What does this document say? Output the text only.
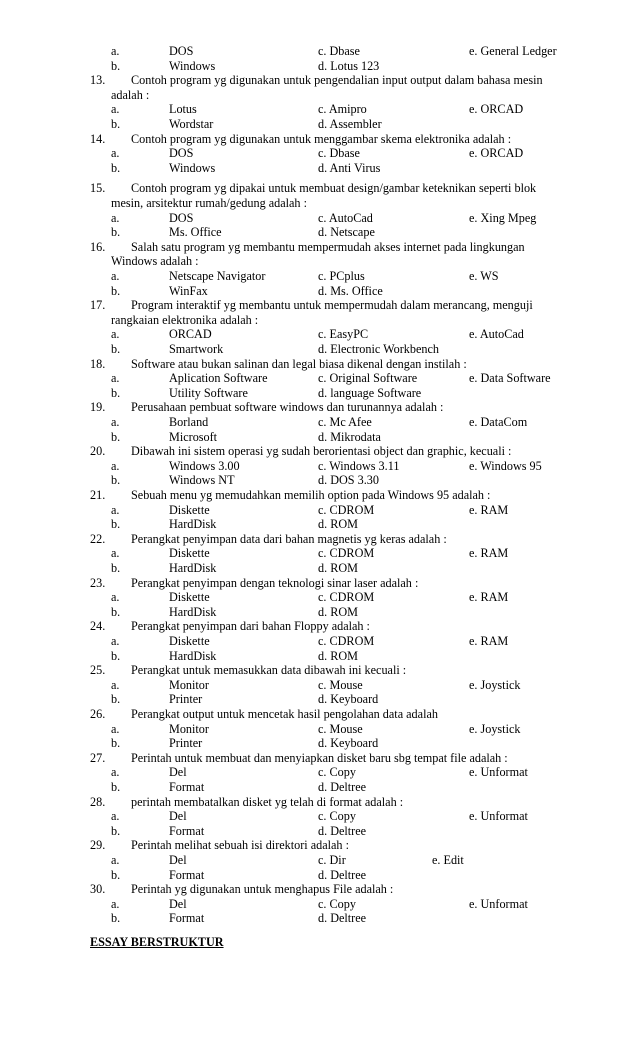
a.	DOS	c. Dbase	e. General Ledger
b.	Windows	d. Lotus 123
13. Contoh program yg digunakan untuk pengendalian input output dalam bahasa mesin
adalah :
a.	Lotus	c. Amipro	e. ORCAD
b.	Wordstar	d. Assembler
14. Contoh program yg digunakan untuk menggambar skema elektronika adalah :
a.	DOS	c. Dbase	e. ORCAD
b.	Windows	d. Anti Virus
15. Contoh program yg dipakai untuk membuat design/gambar keteknikan seperti blok
mesin, arsitektur rumah/gedung adalah :
a.	DOS	c. AutoCad	e. Xing Mpeg
b.	Ms. Office	d. Netscape
16. Salah satu program yg membantu mempermudah akses internet pada lingkungan
Windows adalah :
a.	Netscape Navigator	c. PCplus	e. WS
b.	WinFax	d. Ms. Office
17. Program interaktif yg membantu untuk mempermudah dalam merancang, menguji
rangkaian elektronika adalah :
a.	ORCAD	c. EasyPC	e. AutoCad
b.	Smartwork	d. Electronic Workbench
18. Software atau bukan salinan dan legal biasa dikenal dengan instilah :
a.	Aplication Software	c. Original Software	e. Data Software
b.	Utility Software	d. language Software
19. Perusahaan pembuat software windows dan turunannya adalah :
a.	Borland	c. Mc Afee	e. DataCom
b.	Microsoft	d. Mikrodata
20. Dibawah ini sistem operasi yg sudah berorientasi object dan graphic, kecuali :
a.	Windows 3.00	c. Windows 3.11	e. Windows 95
b.	Windows NT	d. DOS 3.30
21. Sebuah menu yg memudahkan memilih option pada Windows 95 adalah :
a.	Diskette	c. CDROM	e. RAM
b.	HardDisk	d. ROM
22. Perangkat penyimpan data dari bahan magnetis yg keras adalah :
a.	Diskette	c. CDROM	e. RAM
b.	HardDisk	d. ROM
23. Perangkat penyimpan dengan teknologi sinar laser adalah :
a.	Diskette	c. CDROM	e. RAM
b.	HardDisk	d. ROM
24. Perangkat penyimpan dari bahan Floppy adalah :
a.	Diskette	c. CDROM	e. RAM
b.	HardDisk	d. ROM
25. Perangkat untuk memasukkan data dibawah ini kecuali :
a.	Monitor	c. Mouse	e. Joystick
b.	Printer	d. Keyboard
26. Perangkat output untuk mencetak hasil pengolahan data adalah
a.	Monitor	c. Mouse	e. Joystick
b.	Printer	d. Keyboard
27. Perintah untuk membuat dan menyiapkan disket baru sbg tempat file adalah :
a.	Del	c. Copy	e. Unformat
b.	Format	d. Deltree
28. perintah membatalkan disket yg telah di format adalah :
a.	Del	c. Copy	e. Unformat
b.	Format	d. Deltree
29. Perintah melihat sebuah isi direktori adalah :
a.	Del	c. Dir	e. Edit
b.	Format	d. Deltree
30. Perintah yg digunakan untuk menghapus File adalah :
a.	Del	c. Copy	e. Unformat
b.	Format	d. Deltree
ESSAY BERSTRUKTUR
